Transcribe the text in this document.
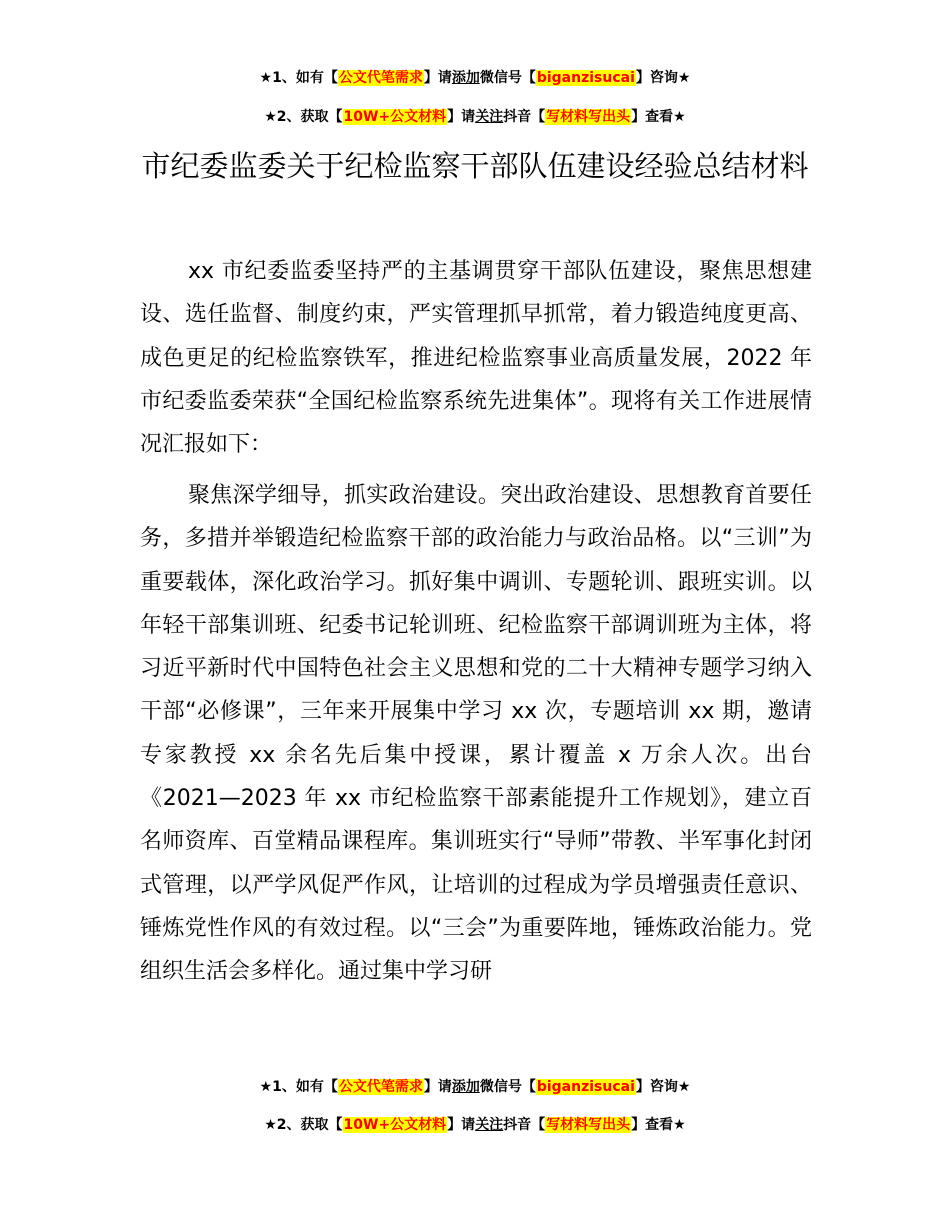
★1、如有【公文代笔需求】请添加微信号【biganzisucai】咨询★
★2、获取【10W+公文材料】请关注抖音【写材料写出头】查看★
市纪委监委关于纪检监察干部队伍建设经验总结材料

xx 市纪委监委坚持严的主基调贯穿干部队伍建设，聚焦思想建设、选任监督、制度约束，严实管理抓早抓常，着力锻造纯度更高、成色更足的纪检监察铁军，推进纪检监察事业高质量发展，2022 年市纪委监委荣获“全国纪检监察系统先进集体”。现将有关工作进展情况汇报如下：

聚焦深学细导，抓实政治建设。突出政治建设、思想教育首要任务，多措并举锻造纪检监察干部的政治能力与政治品格。以“三训”为重要载体，深化政治学习。抓好集中调训、专题轮训、跟班实训。以年轻干部集训班、纪委书记轮训班、纪检监察干部调训班为主体，将习近平新时代中国特色社会主义思想和党的二十大精神专题学习纳入干部“必修课”，三年来开展集中学习 xx 次，专题培训 xx 期，邀请专家教授 xx 余名先后集中授课，累计覆盖 x 万余人次。出台《2021—2023 年 xx 市纪检监察干部素能提升工作规划》，建立百名师资库、百堂精品课程库。集训班实行“导师”带教、半军事化封闭式管理，以严学风促严作风，让培训的过程成为学员增强责任意识、锤炼党性作风的有效过程。以“三会”为重要阵地，锤炼政治能力。党组织生活会多样化。通过集中学习研

★1、如有【公文代笔需求】请添加微信号【biganzisucai】咨询★
★2、获取【10W+公文材料】请关注抖音【写材料写出头】查看★
